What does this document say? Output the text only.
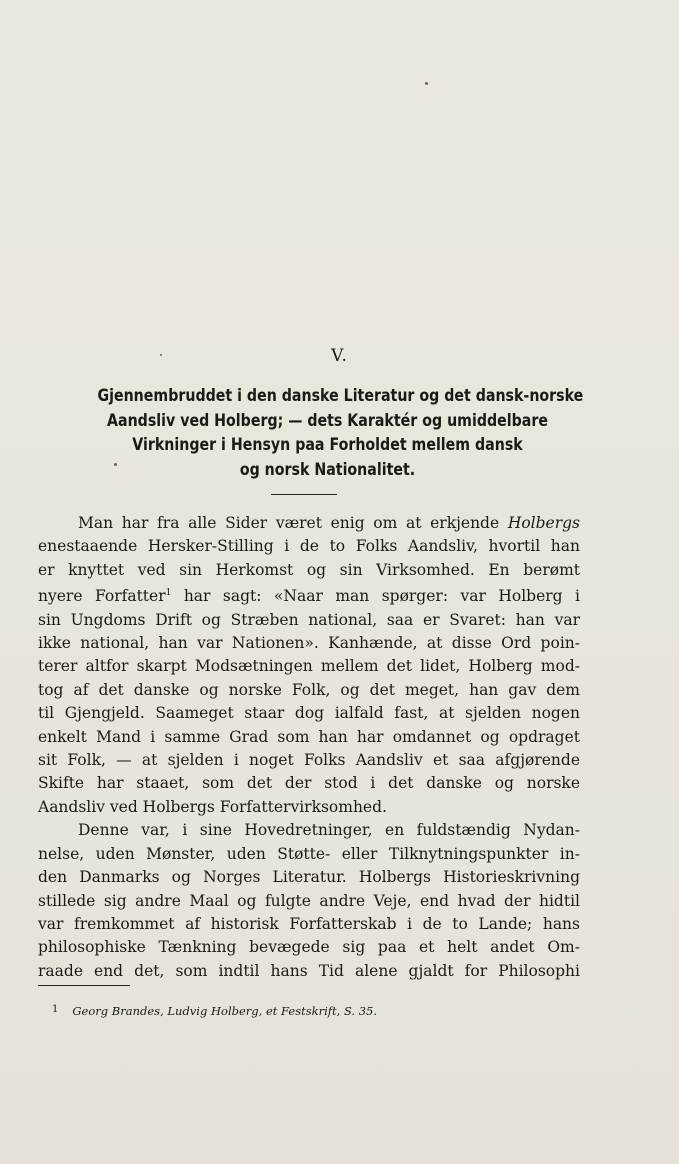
V.
Gjennembruddet i den danske Literatur og det dansk-norske
Aandsliv ved Holberg; — dets Karaktér og umiddelbare
Virkninger i Hensyn paa Forholdet mellem dansk
og norsk Nationalitet.
Man har fra alle Sider været enig om at erkjende Holbergs
enestaaende Hersker-Stilling i de to Folks Aandsliv, hvortil han
er knyttet ved sin Herkomst og sin Virksomhed. En berømt
nyere Forfatter$^1$ har sagt: «Naar man spørger: var Holberg i
sin Ungdoms Drift og Stræben national, saa er Svaret: han var
ikke national, han var Nationen». Kanhænde, at disse Ord poin-
terer altfor skarpt Modsætningen mellem det lidet, Holberg mod-
tog af det danske og norske Folk, og det meget, han gav dem
til Gjengjeld. Saameget staar dog ialfald fast, at sjelden nogen
enkelt Mand i samme Grad som han har omdannet og opdraget
sit Folk, — at sjelden i noget Folks Aandsliv et saa afgjørende
Skifte har staaet, som det der stod i det danske og norske
Aandsliv ved Holbergs Forfattervirksomhed.
Denne var, i sine Hovedretninger, en fuldstændig Nydan-
nelse, uden Mønster, uden Støtte- eller Tilknytningspunkter in-
den Danmarks og Norges Literatur. Holbergs Historieskrivning
stillede sig andre Maal og fulgte andre Veje, end hvad der hidtil
var fremkommet af historisk Forfatterskab i de to Lande; hans
philosophiske Tænkning bevægede sig paa et helt andet Om-
raade end det, som indtil hans Tid alene gjaldt for Philosophi
1 Georg Brandes, Ludvig Holberg, et Festskrift, S. 35.
